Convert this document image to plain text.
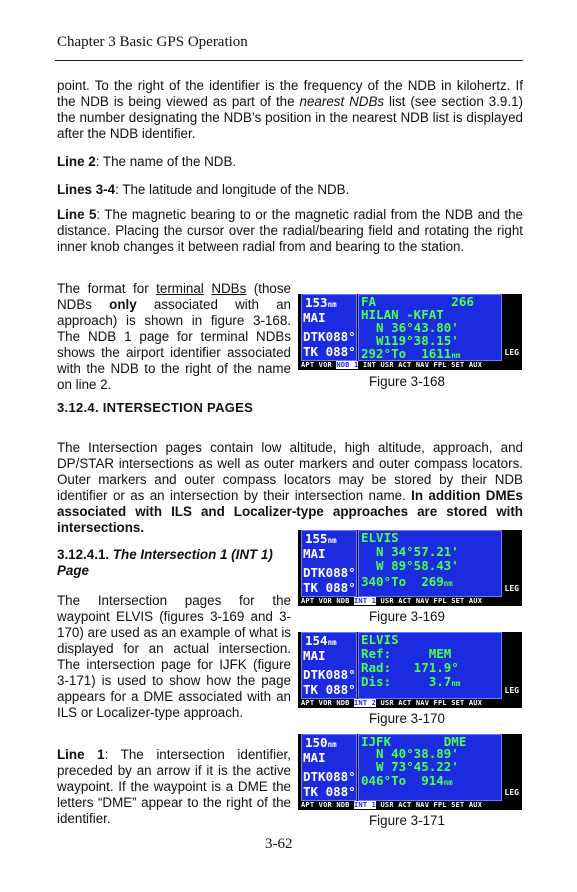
Chapter 3 Basic GPS Operation
point. To the right of the identifier is the frequency of the NDB in kilohertz. If the NDB is being viewed as part of the nearest NDBs list (see section 3.9.1) the number designating the NDB’s position in the nearest NDB list is displayed after the NDB identifier.
Line 2: The name of the NDB.
Lines 3-4: The latitude and longitude of the NDB.
Line 5: The magnetic bearing to or the magnetic radial from the NDB and the distance. Placing the cursor over the radial/bearing field and rotating the right inner knob changes it between radial from and bearing to the station.
The format for terminal NDBs (those NDBs only associated with an approach) is shown in figure 3-168. The NDB 1 page for terminal NDBs shows the airport identifier associated with the NDB to the right of the name on line 2.
153nm
MAI
DTK088°
TK 088°
FA          266
HILAN -KFAT
N 36°43.80'
W119°38.15'
292°To  1611nm	LEG
APT VOR NDB 1 INT USR ACT NAV FPL SET AUX
Figure 3-168
3.12.4. INTERSECTION PAGES
The Intersection pages contain low altitude, high altitude, approach, and DP/STAR intersections as well as outer markers and outer compass locators. Outer markers and outer compass locators may be stored by their NDB identifier or as an intersection by their intersection name. In addition DMEs associated with ILS and Localizer-type approaches are stored with intersections.
3.12.4.1. The Intersection 1 (INT 1) Page
The Intersection pages for the waypoint ELVIS (figures 3-169 and 3-170) are used as an example of what is displayed for an actual intersection. The intersection page for IJFK (figure 3-171) is used to show how the page appears for a DME associated with an ILS or Localizer-type approach.
Line 1: The intersection identifier, preceded by an arrow if it is the active waypoint. If the waypoint is a DME the letters “DME” appear to the right of the identifier.
155nm
MAI
DTK088°
TK 088°
ELVIS
N 34°57.21'
W 89°58.43'
340°To  269nm
LEG
APT VOR NDB INT 1 USR ACT NAV FPL SET AUX
Figure 3-169
154nm
MAI
DTK088°
TK 088°
ELVIS
Ref:     MEM
Rad:   171.9°
Dis:     3.7nm
LEG
APT VOR NDB INT 2 USR ACT NAV FPL SET AUX
Figure 3-170
150nm
MAI
DTK088°
TK 088°
IJFK       DME
N 40°38.89'
W 73°45.22'
046°To  914nm
LEG
APT VOR NDB INT 1 USR ACT NAV FPL SET AUX
Figure 3-171
3-62
